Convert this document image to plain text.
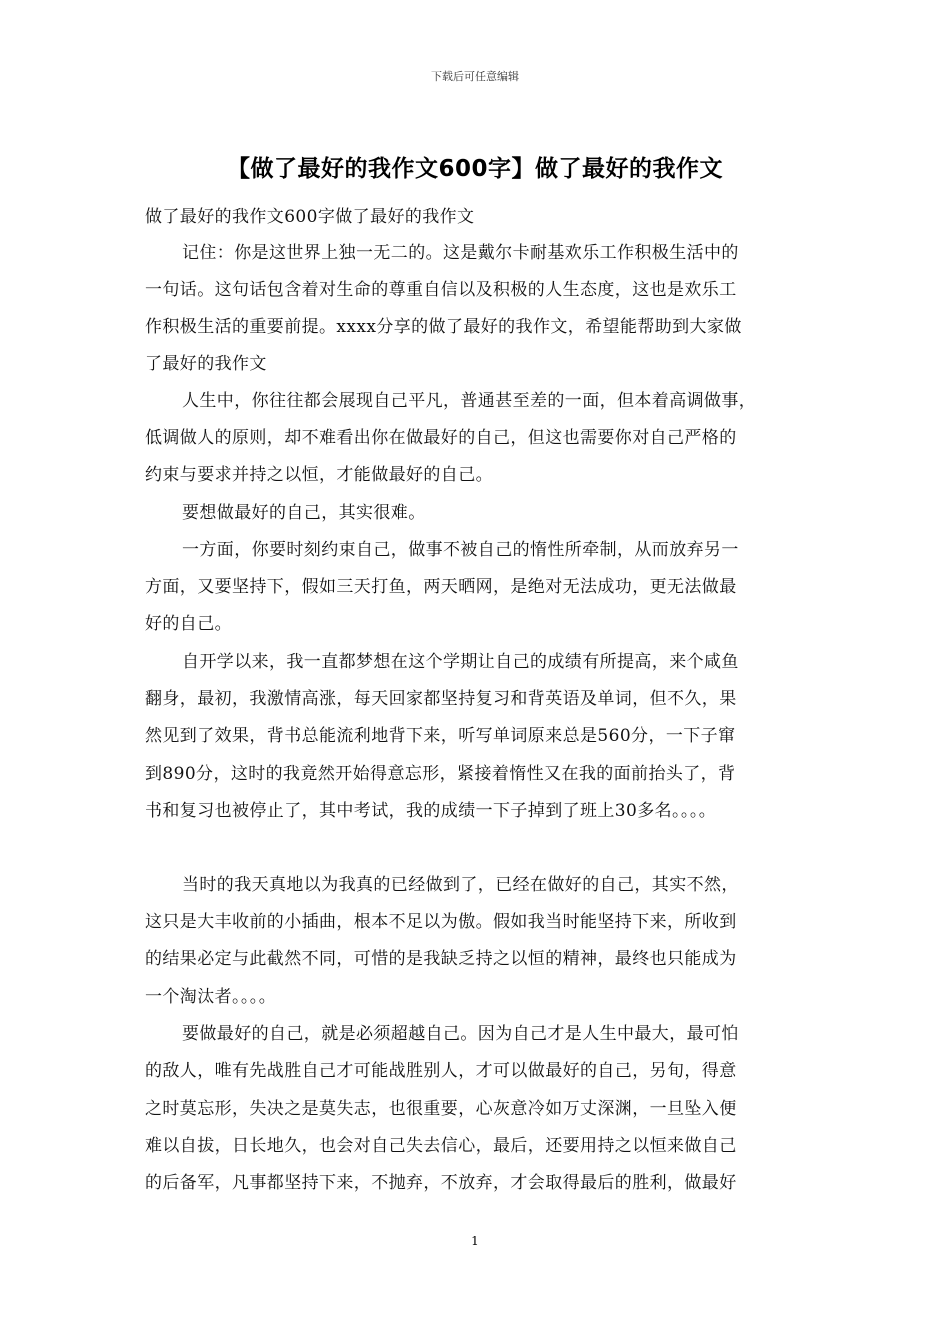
下载后可任意编辑
【做了最好的我作文600字】做了最好的我作文
做了最好的我作文600字做了最好的我作文
记住：你是这世界上独一无二的。这是戴尔卡耐基欢乐工作积极生活中的
一句话。这句话包含着对生命的尊重自信以及积极的人生态度，这也是欢乐工
作积极生活的重要前提。xxxx分享的做了最好的我作文，希望能帮助到大家做
了最好的我作文
人生中，你往往都会展现自己平凡，普通甚至差的一面，但本着高调做事，
低调做人的原则，却不难看出你在做最好的自己，但这也需要你对自己严格的
约束与要求并持之以恒，才能做最好的自己。
要想做最好的自己，其实很难。
一方面，你要时刻约束自己，做事不被自己的惰性所牵制，从而放弃另一
方面，又要坚持下，假如三天打鱼，两天晒网，是绝对无法成功，更无法做最
好的自己。
自开学以来，我一直都梦想在这个学期让自己的成绩有所提高，来个咸鱼
翻身，最初，我激情高涨，每天回家都坚持复习和背英语及单词，但不久，果
然见到了效果，背书总能流利地背下来，听写单词原来总是560分，一下子窜
到890分，这时的我竟然开始得意忘形，紧接着惰性又在我的面前抬头了，背
书和复习也被停止了，其中考试，我的成绩一下子掉到了班上30多名。。。。
当时的我天真地以为我真的已经做到了，已经在做好的自己，其实不然，
这只是大丰收前的小插曲，根本不足以为傲。假如我当时能坚持下来，所收到
的结果必定与此截然不同，可惜的是我缺乏持之以恒的精神，最终也只能成为
一个淘汰者。。。。
要做最好的自己，就是必须超越自己。因为自己才是人生中最大，最可怕
的敌人，唯有先战胜自己才可能战胜别人，才可以做最好的自己，另旬，得意
之时莫忘形，失决之是莫失志，也很重要，心灰意冷如万丈深渊，一旦坠入便
难以自拔，日长地久，也会对自己失去信心，最后，还要用持之以恒来做自己
的后备军，凡事都坚持下来，不抛弃，不放弃，才会取得最后的胜利，做最好
1
